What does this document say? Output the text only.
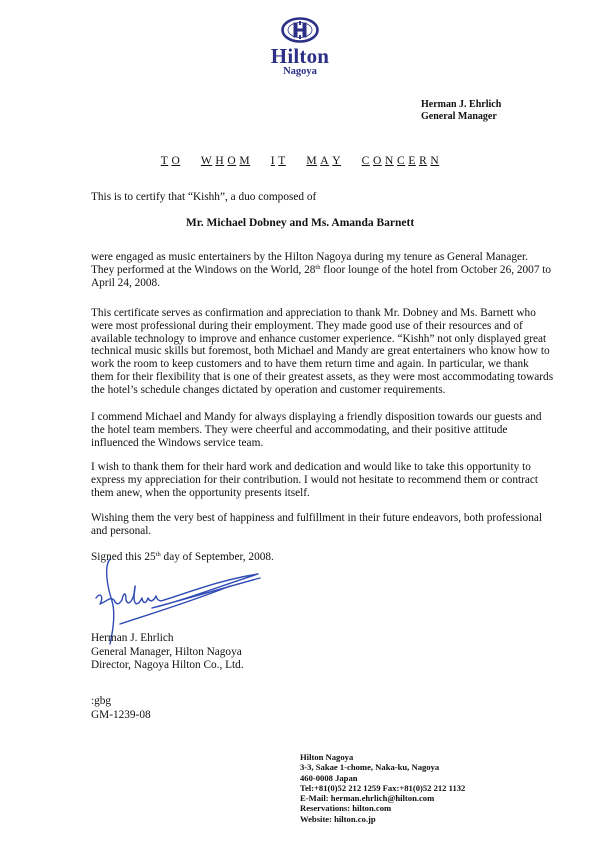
Hilton
Nagoya
Herman J. Ehrlich
General Manager
T O W H O M I T M A Y C O N C E R N
This is to certify that “Kishh”, a duo composed of
Mr. Michael Dobney and Ms. Amanda Barnett
were engaged as music entertainers by the Hilton Nagoya during my tenure as General Manager.
They performed at the Windows on the World, 28th floor lounge of the hotel from October 26, 2007 to
April 24, 2008.
This certificate serves as confirmation and appreciation to thank Mr. Dobney and Ms. Barnett who
were most professional during their employment. They made good use of their resources and of
available technology to improve and enhance customer experience. “Kishh” not only displayed great
technical music skills but foremost, both Michael and Mandy are great entertainers who know how to
work the room to keep customers and to have them return time and again. In particular, we thank
them for their flexibility that is one of their greatest assets, as they were most accommodating towards
the hotel’s schedule changes dictated by operation and customer requirements.
I commend Michael and Mandy for always displaying a friendly disposition towards our guests and
the hotel team members. They were cheerful and accommodating, and their positive attitude
influenced the Windows service team.
I wish to thank them for their hard work and dedication and would like to take this opportunity to
express my appreciation for their contribution. I would not hesitate to recommend them or contract
them anew, when the opportunity presents itself.
Wishing them the very best of happiness and fulfillment in their future endeavors, both professional
and personal.
Signed this 25th day of September, 2008.
Herman J. Ehrlich
General Manager, Hilton Nagoya
Director, Nagoya Hilton Co., Ltd.
:gbg
GM-1239-08
Hilton Nagoya
3-3, Sakae 1-chome, Naka-ku, Nagoya
460-0008 Japan
Tel:+81(0)52 212 1259 Fax:+81(0)52 212 1132
E-Mail: herman.ehrlich@hilton.com
Reservations: hilton.com
Website: hilton.co.jp
